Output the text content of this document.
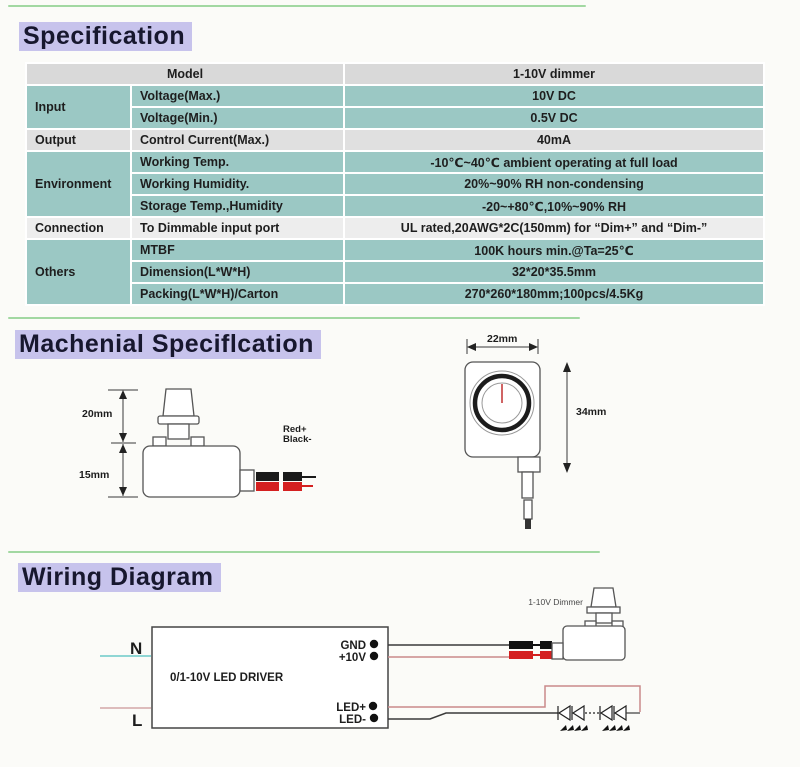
Specification
Model		1-10V dimmer
Input	Voltage(Max.)	10V DC
	Voltage(Min.)	0.5V DC
Output	Control Current(Max.)	40mA
Environment	Working Temp.	-10℃~40℃ ambient operating at full load
	Working Humidity.	20%~90% RH non-condensing
	Storage Temp.,Humidity	-20~+80℃,10%~90% RH
Connection	To Dimmable input port	UL rated,20AWG*2C(150mm) for “Dim+” and “Dim-”
Others	MTBF	100K hours min.@Ta=25℃
	Dimension(L*W*H)	32*20*35.5mm
	Packing(L*W*H)/Carton	270*260*180mm;100pcs/4.5Kg
Machenial Speciflcation
20mm
15mm
Red+
Black-
22mm
34mm
Wiring Diagram
N
L
0/1-10V LED DRIVER
GND
+10V
LED+
LED-
1-10V Dimmer
